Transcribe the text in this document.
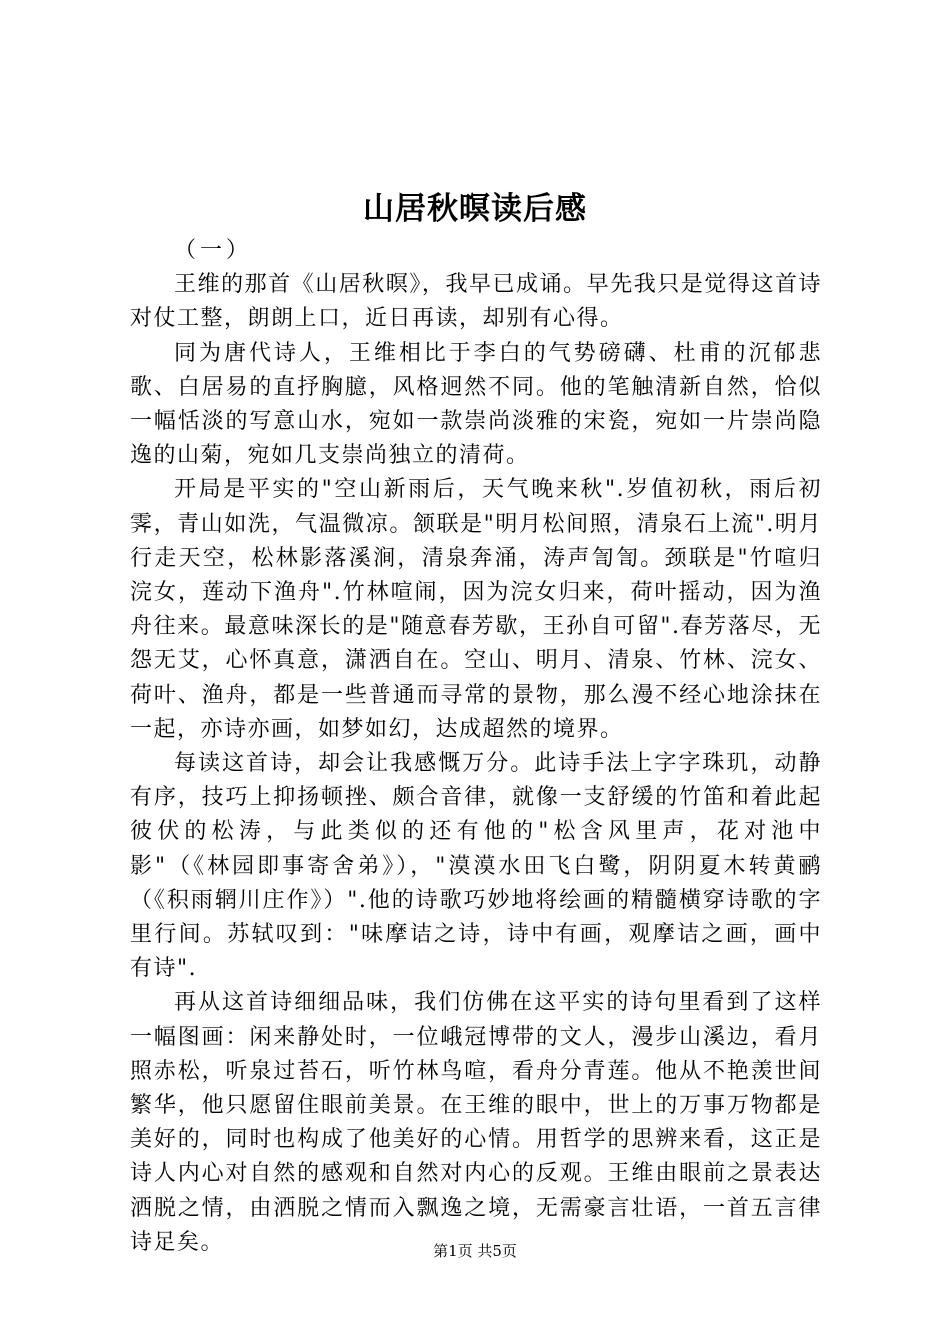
山居秋暝读后感

（一）

王维的那首《山居秋暝》，我早已成诵。早先我只是觉得这首诗对仗工整，朗朗上口，近日再读，却别有心得。

同为唐代诗人，王维相比于李白的气势磅礴、杜甫的沉郁悲歌、白居易的直抒胸臆，风格迥然不同。他的笔触清新自然，恰似一幅恬淡的写意山水，宛如一款崇尚淡雅的宋瓷，宛如一片崇尚隐逸的山菊，宛如几支崇尚独立的清荷。

开局是平实的"空山新雨后，天气晚来秋".岁值初秋，雨后初霁，青山如洗，气温微凉。颔联是"明月松间照，清泉石上流".明月行走天空，松林影落溪涧，清泉奔涌，涛声訇訇。颈联是"竹喧归浣女，莲动下渔舟".竹林喧闹，因为浣女归来，荷叶摇动，因为渔舟往来。最意味深长的是"随意春芳歇，王孙自可留".春芳落尽，无怨无艾，心怀真意，潇洒自在。空山、明月、清泉、竹林、浣女、荷叶、渔舟，都是一些普通而寻常的景物，那么漫不经心地涂抹在一起，亦诗亦画，如梦如幻，达成超然的境界。

每读这首诗，却会让我感慨万分。此诗手法上字字珠玑，动静有序，技巧上抑扬顿挫、颇合音律，就像一支舒缓的竹笛和着此起彼伏的松涛，与此类似的还有他的"松含风里声，花对池中影"（《林园即事寄舍弟》），"漠漠水田飞白鹭，阴阴夏木转黄鹂（《积雨辋川庄作》）".他的诗歌巧妙地将绘画的精髓横穿诗歌的字里行间。苏轼叹到："味摩诘之诗，诗中有画，观摩诘之画，画中有诗".

再从这首诗细细品味，我们仿佛在这平实的诗句里看到了这样一幅图画：闲来静处时，一位峨冠博带的文人，漫步山溪边，看月照赤松，听泉过苔石，听竹林鸟喧，看舟分青莲。他从不艳羡世间繁华，他只愿留住眼前美景。在王维的眼中，世上的万事万物都是美好的，同时也构成了他美好的心情。用哲学的思辨来看，这正是诗人内心对自然的感观和自然对内心的反观。王维由眼前之景表达洒脱之情，由洒脱之情而入飘逸之境，无需豪言壮语，一首五言律诗足矣。	第1页 共5页
